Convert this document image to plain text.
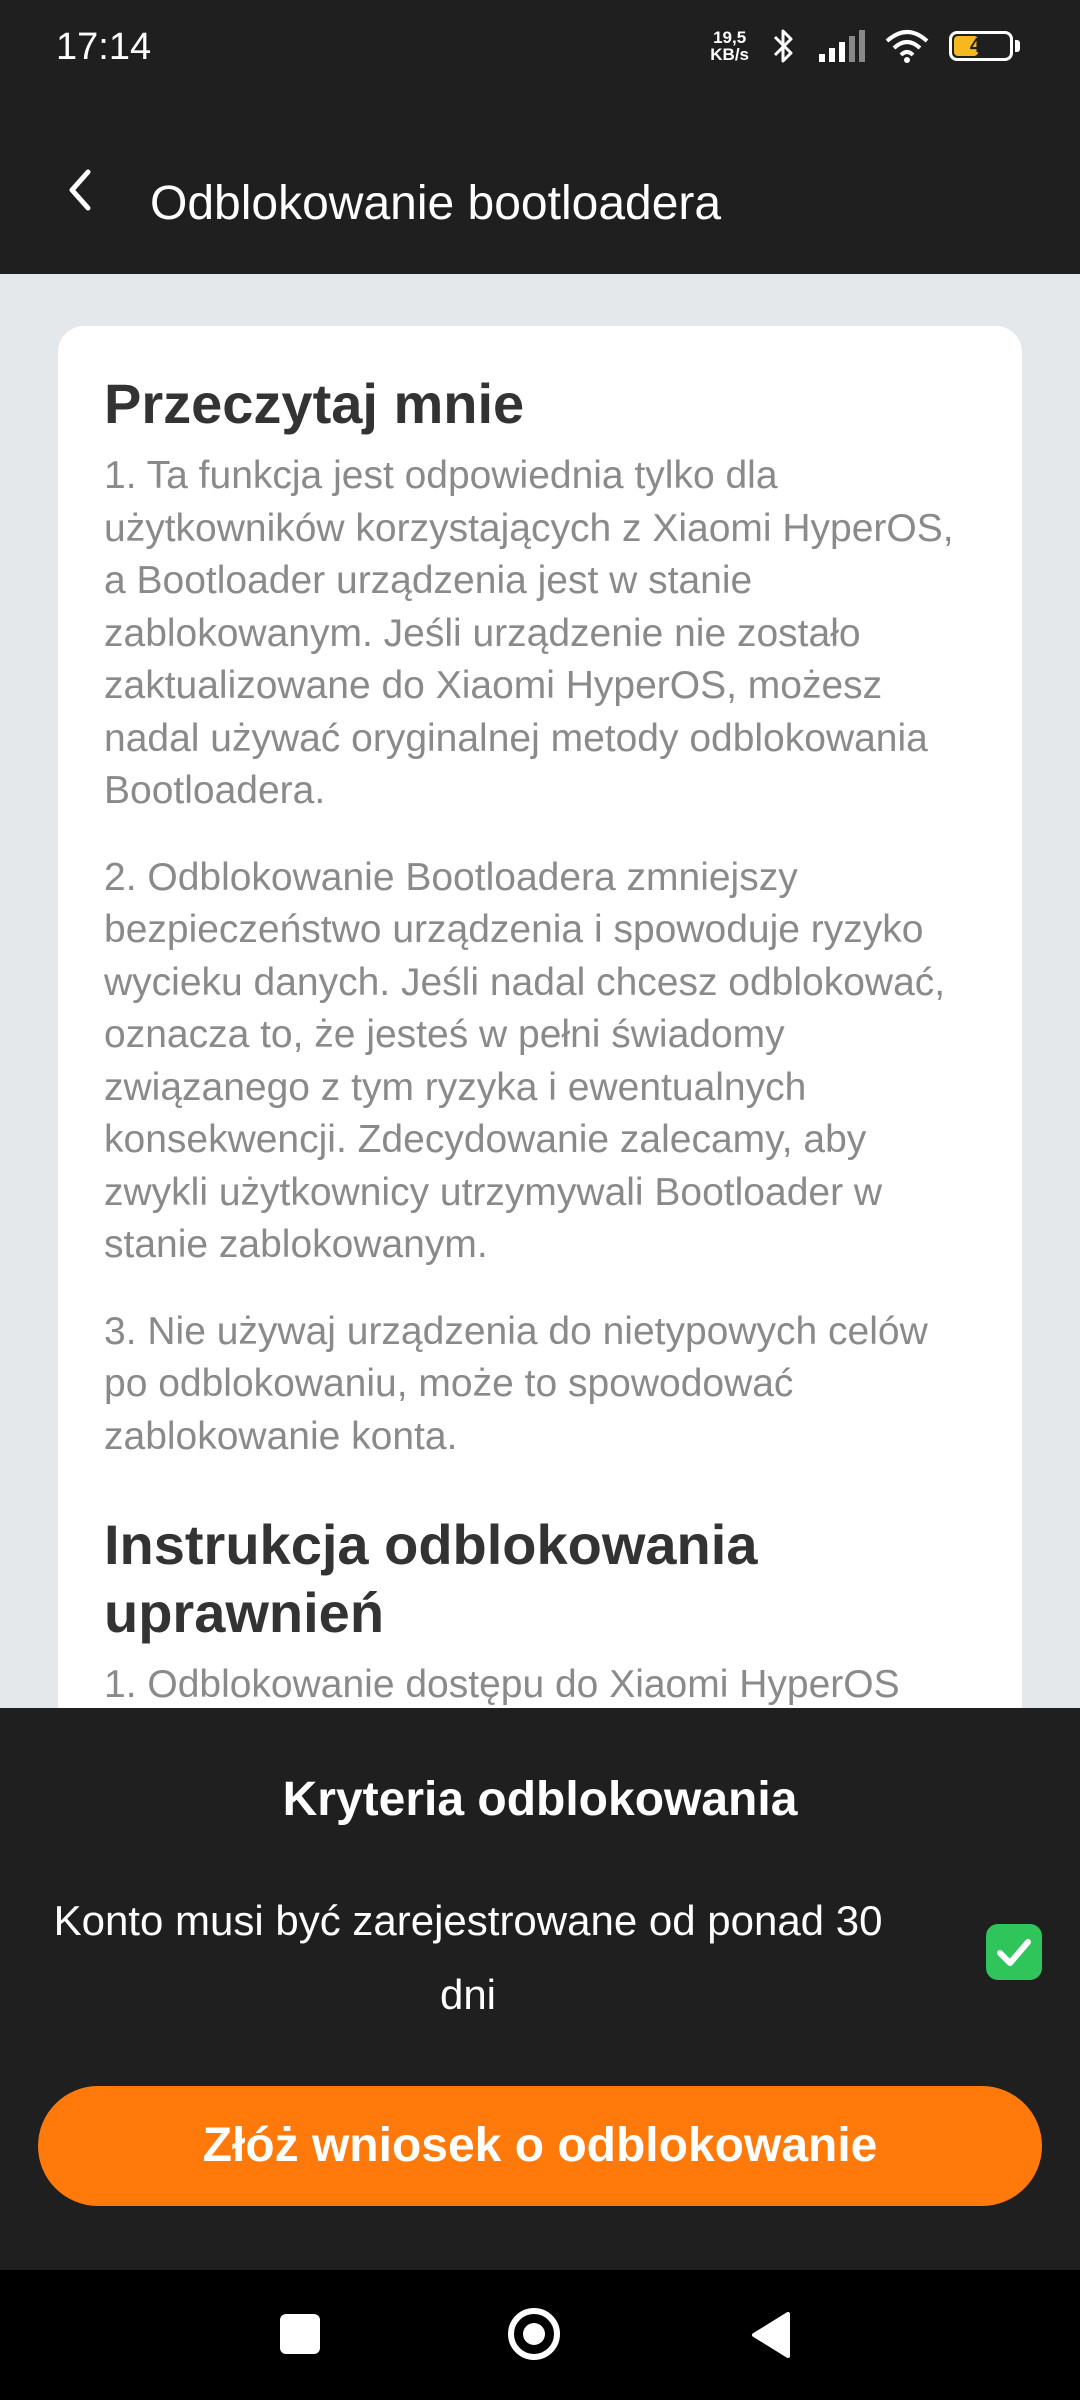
17:14	19,5
KB/s	41
Odblokowanie bootloadera
Przeczytaj mnie

1. Ta funkcja jest odpowiednia tylko dla użytkowników korzystających z Xiaomi HyperOS, a Bootloader urządzenia jest w stanie zablokowanym. Jeśli urządzenie nie zostało zaktualizowane do Xiaomi HyperOS, możesz nadal używać oryginalnej metody odblokowania Bootloadera.

2. Odblokowanie Bootloadera zmniejszy bezpieczeństwo urządzenia i spowoduje ryzyko wycieku danych. Jeśli nadal chcesz odblokować, oznacza to, że jesteś w pełni świadomy związanego z tym ryzyka i ewentualnych konsekwencji. Zdecydowanie zalecamy, aby zwykli użytkownicy utrzymywali Bootloader w stanie zablokowanym.

3. Nie używaj urządzenia do nietypowych celów po odblokowaniu, może to spowodować zablokowanie konta.

Instrukcja odblokowania uprawnień

1. Odblokowanie dostępu do Xiaomi HyperOS

Kryteria odblokowania
Konto musi być zarejestrowane od ponad 30 dni
Złóż wniosek o odblokowanie
